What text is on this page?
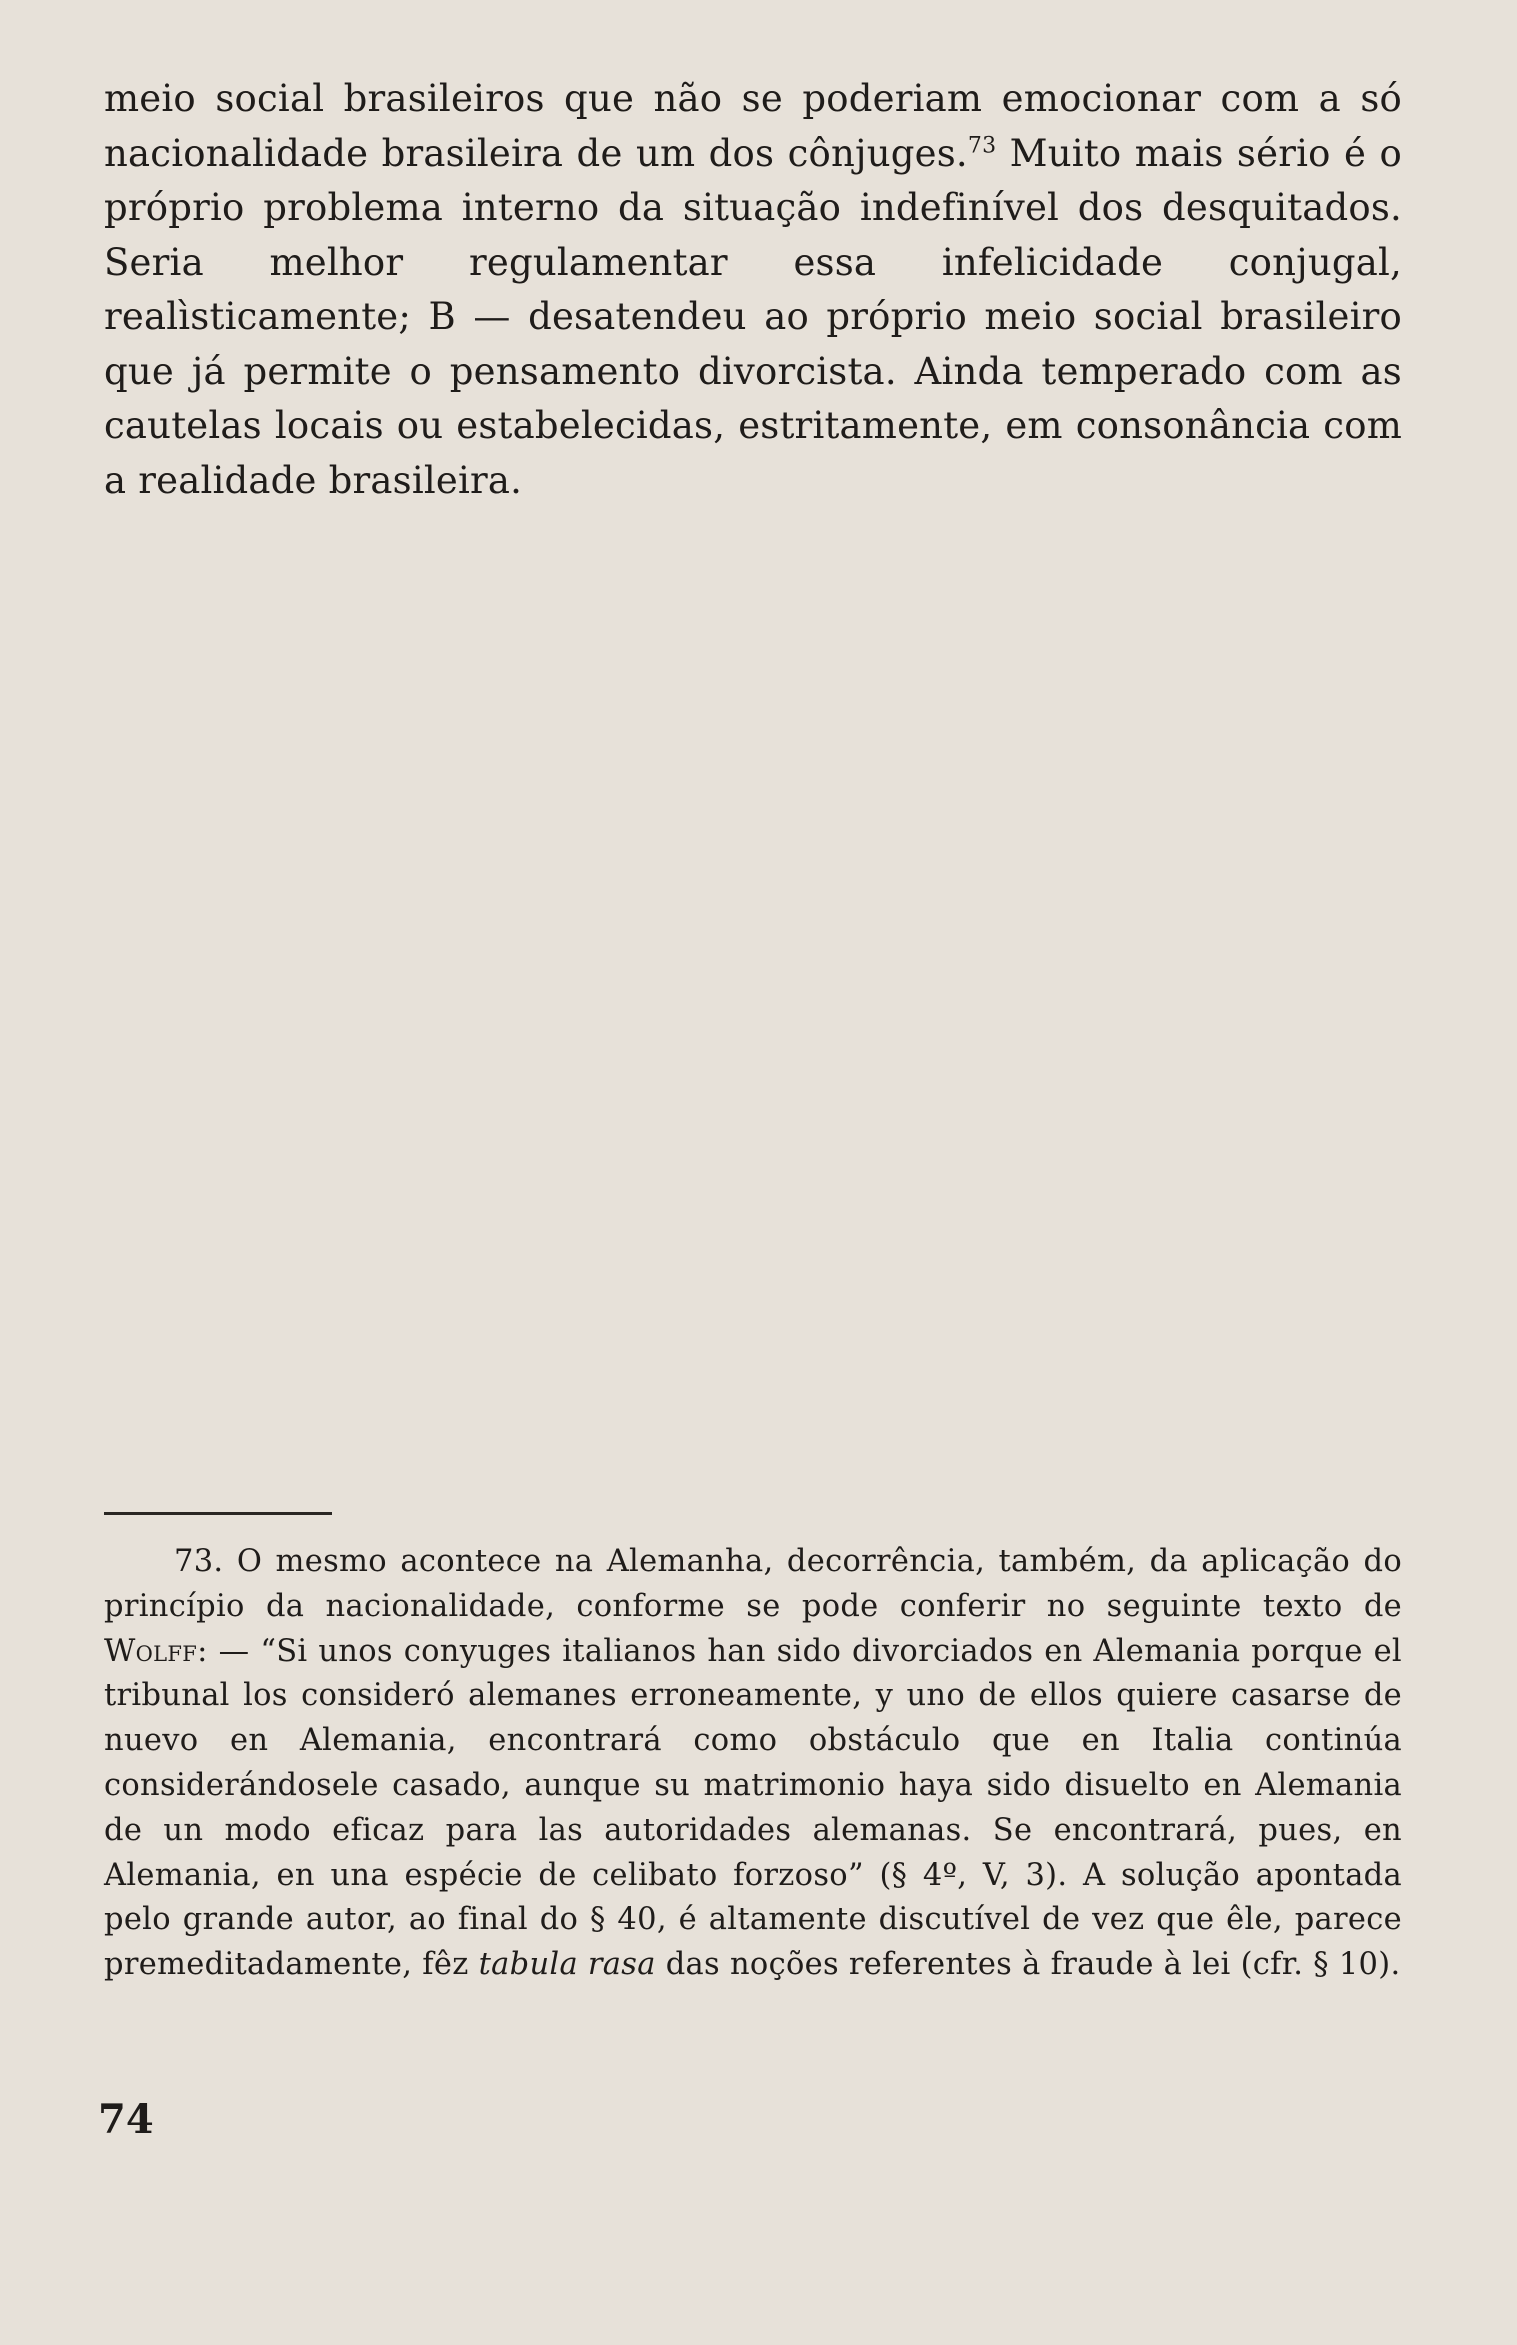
meio social brasileiros que não se poderiam emocionar com a só nacionalidade brasileira de um dos cônjuges.$^{73}$ Muito mais sério é o próprio problema interno da situação indefinível dos desquitados. Seria melhor regulamentar essa infelicidade conjugal, realìsticamente; B — desatendeu ao próprio meio social brasileiro que já permite o pensamento divorcista. Ainda temperado com as cautelas locais ou estabelecidas, estritamente, em consonância com a realidade brasileira.

73. O mesmo acontece na Alemanha, decorrência, também, da aplicação do princípio da nacionalidade, conforme se pode conferir no seguinte texto de Wolff: — “Si unos conyuges italianos han sido divorciados en Alemania porque el tribunal los consideró alemanes erroneamente, y uno de ellos quiere casarse de nuevo en Alemania, encontrará como obstáculo que en Italia continúa considerándosele casado, aunque su matrimonio haya sido disuelto en Alemania de un modo eficaz para las autoridades alemanas. Se encontrará, pues, en Alemania, en una espécie de celibato forzoso” (§ 4º, V, 3). A solução apontada pelo grande autor, ao final do § 40, é altamente discutível de vez que êle, parece premeditadamente, fêz tabula rasa das noções referentes à fraude à lei (cfr. § 10).

74
